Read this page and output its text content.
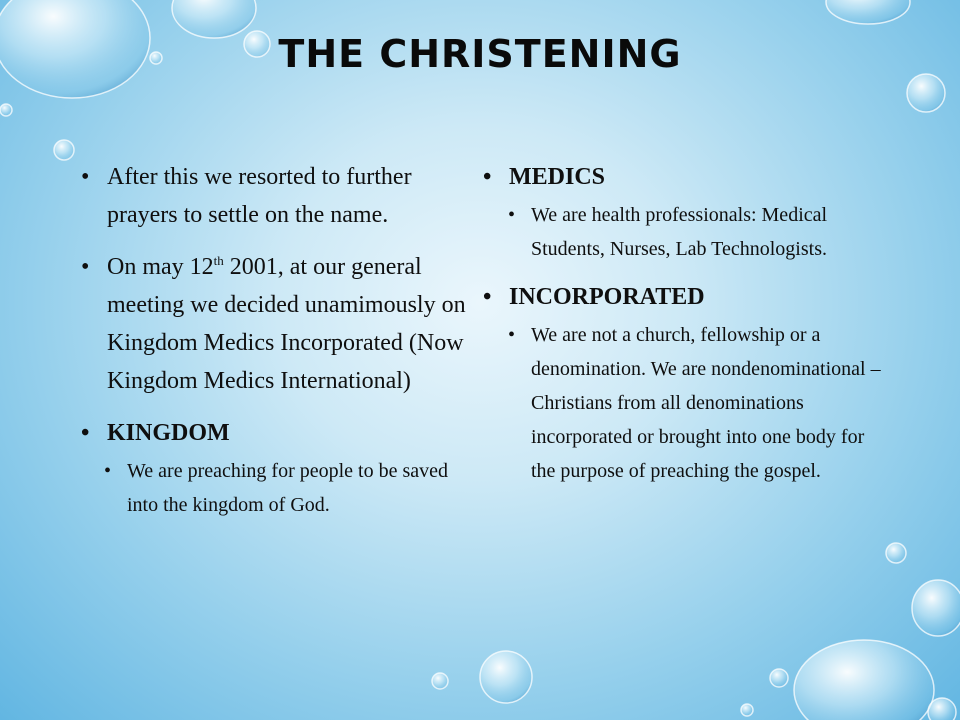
THE CHRISTENING
• After this we resorted to further prayers to settle on the name.
• On may 12th 2001, at our general meeting we decided unamimously on Kingdom Medics Incorporated (Now Kingdom Medics International)
• KINGDOM
• We are preaching for people to be saved into the kingdom of God.
• MEDICS
• We are health professionals: Medical Students, Nurses, Lab Technologists.
• INCORPORATED
• We are not a church, fellowship or a denomination. We are nondenominational – Christians from all denominations incorporated or brought into one body for the purpose of preaching the gospel.
